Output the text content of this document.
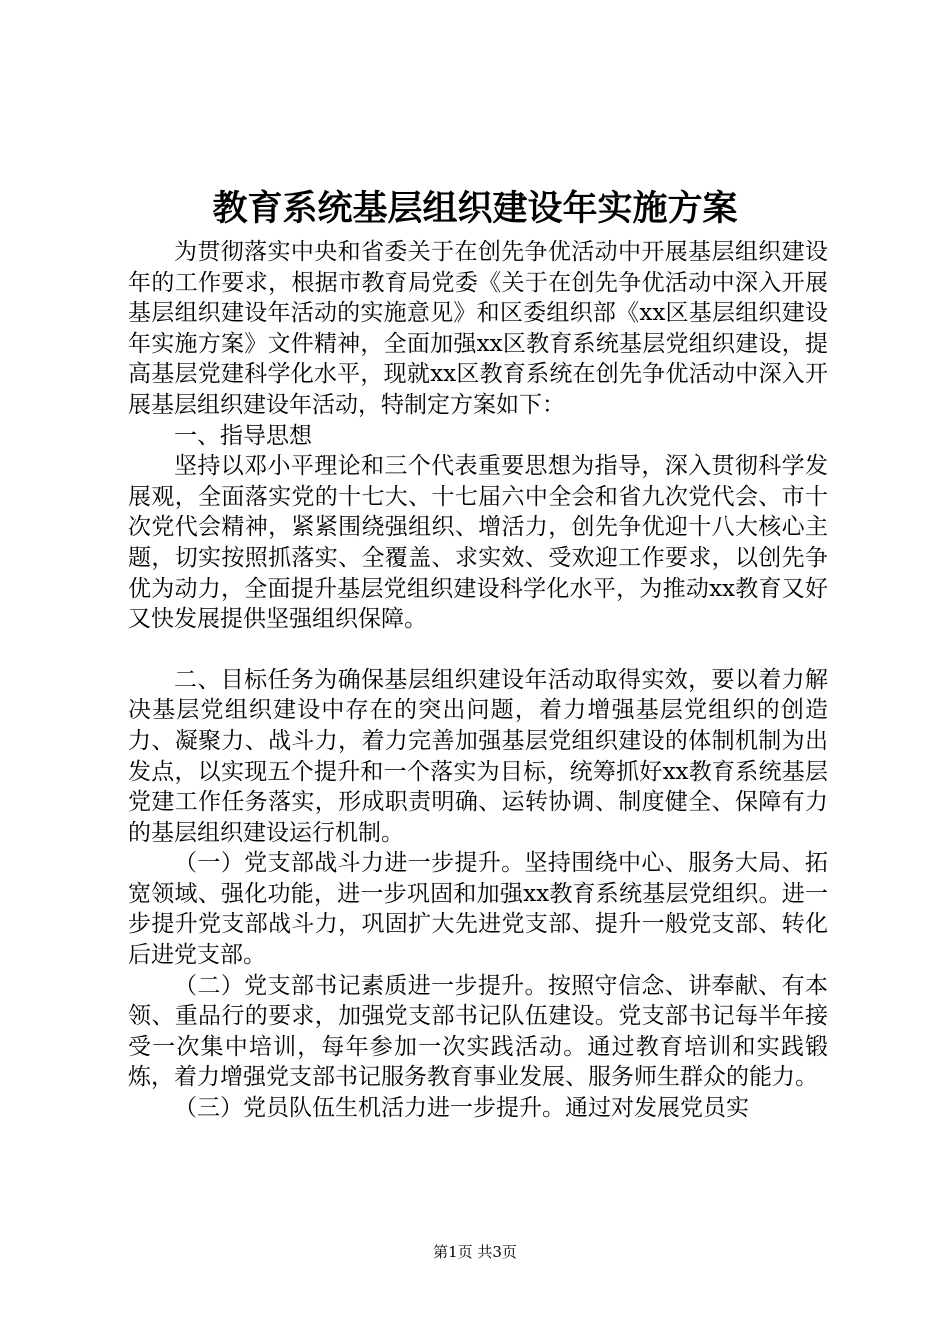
教育系统基层组织建设年实施方案

为贯彻落实中央和省委关于在创先争优活动中开展基层组织建设年的工作要求，根据市教育局党委《关于在创先争优活动中深入开展基层组织建设年活动的实施意见》和区委组织部《xx区基层组织建设年实施方案》文件精神，全面加强xx区教育系统基层党组织建设，提高基层党建科学化水平，现就xx区教育系统在创先争优活动中深入开展基层组织建设年活动，特制定方案如下：

一、指导思想

坚持以邓小平理论和三个代表重要思想为指导，深入贯彻科学发展观，全面落实党的十七大、十七届六中全会和省九次党代会、市十次党代会精神，紧紧围绕强组织、增活力，创先争优迎十八大核心主题，切实按照抓落实、全覆盖、求实效、受欢迎工作要求，以创先争优为动力，全面提升基层党组织建设科学化水平，为推动xx教育又好又快发展提供坚强组织保障。

二、目标任务为确保基层组织建设年活动取得实效，要以着力解决基层党组织建设中存在的突出问题，着力增强基层党组织的创造力、凝聚力、战斗力，着力完善加强基层党组织建设的体制机制为出发点，以实现五个提升和一个落实为目标，统筹抓好xx教育系统基层党建工作任务落实，形成职责明确、运转协调、制度健全、保障有力的基层组织建设运行机制。

（一）党支部战斗力进一步提升。坚持围绕中心、服务大局、拓宽领域、强化功能，进一步巩固和加强xx教育系统基层党组织。进一步提升党支部战斗力，巩固扩大先进党支部、提升一般党支部、转化后进党支部。

（二）党支部书记素质进一步提升。按照守信念、讲奉献、有本领、重品行的要求，加强党支部书记队伍建设。党支部书记每半年接受一次集中培训，每年参加一次实践活动。通过教育培训和实践锻炼，着力增强党支部书记服务教育事业发展、服务师生群众的能力。

（三）党员队伍生机活力进一步提升。通过对发展党员实

第1页 共3页
